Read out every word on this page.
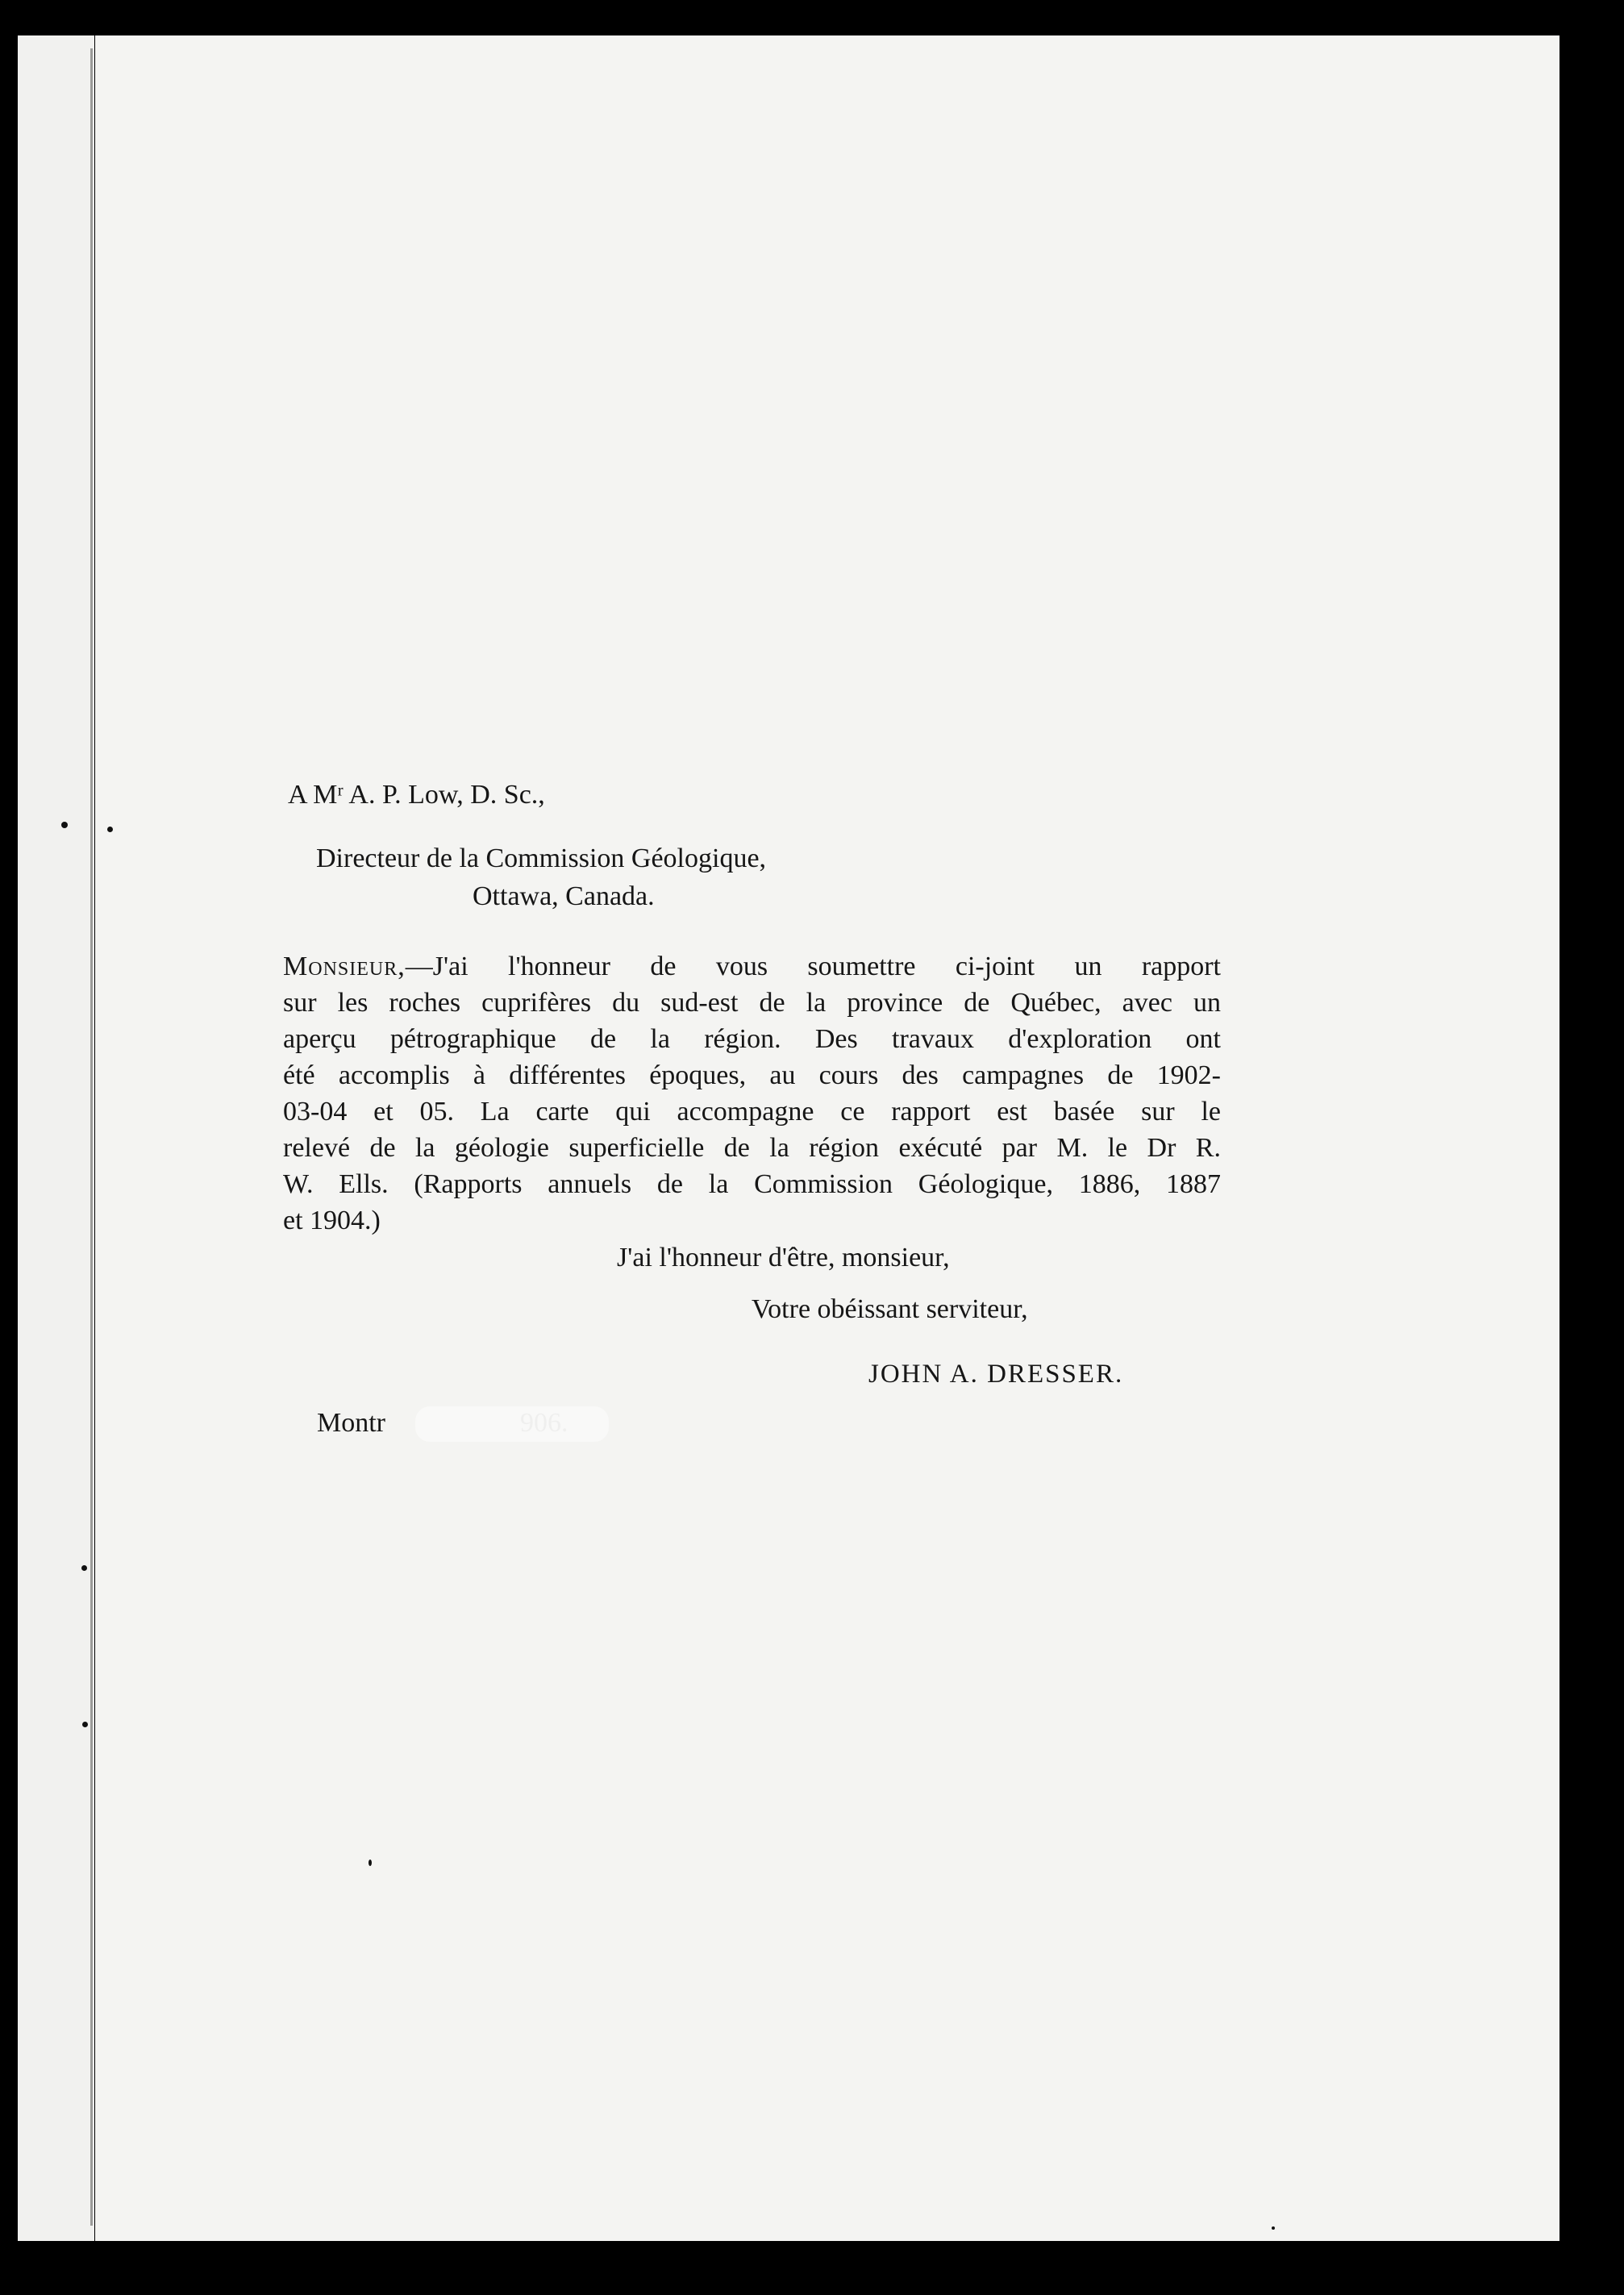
A Mʳ A. P. Low, D. Sc.,
Directeur de la Commission Géologique,
Ottawa, Canada.
Monsieur,—J'ai l'honneur de vous soumettre ci-joint un rapport
sur les roches cuprifères du sud-est de la province de Québec, avec un
aperçu pétrographique de la région. Des travaux d'exploration ont
été accomplis à différentes époques, au cours des campagnes de 1902-
03-04 et 05. La carte qui accompagne ce rapport est basée sur le
relevé de la géologie superficielle de la région exécuté par M. le Dr R.
W. Ells. (Rapports annuels de la Commission Géologique, 1886, 1887
et 1904.)
J'ai l'honneur d'être, monsieur,
Votre obéissant serviteur,
JOHN A. DRESSER.
Montr
